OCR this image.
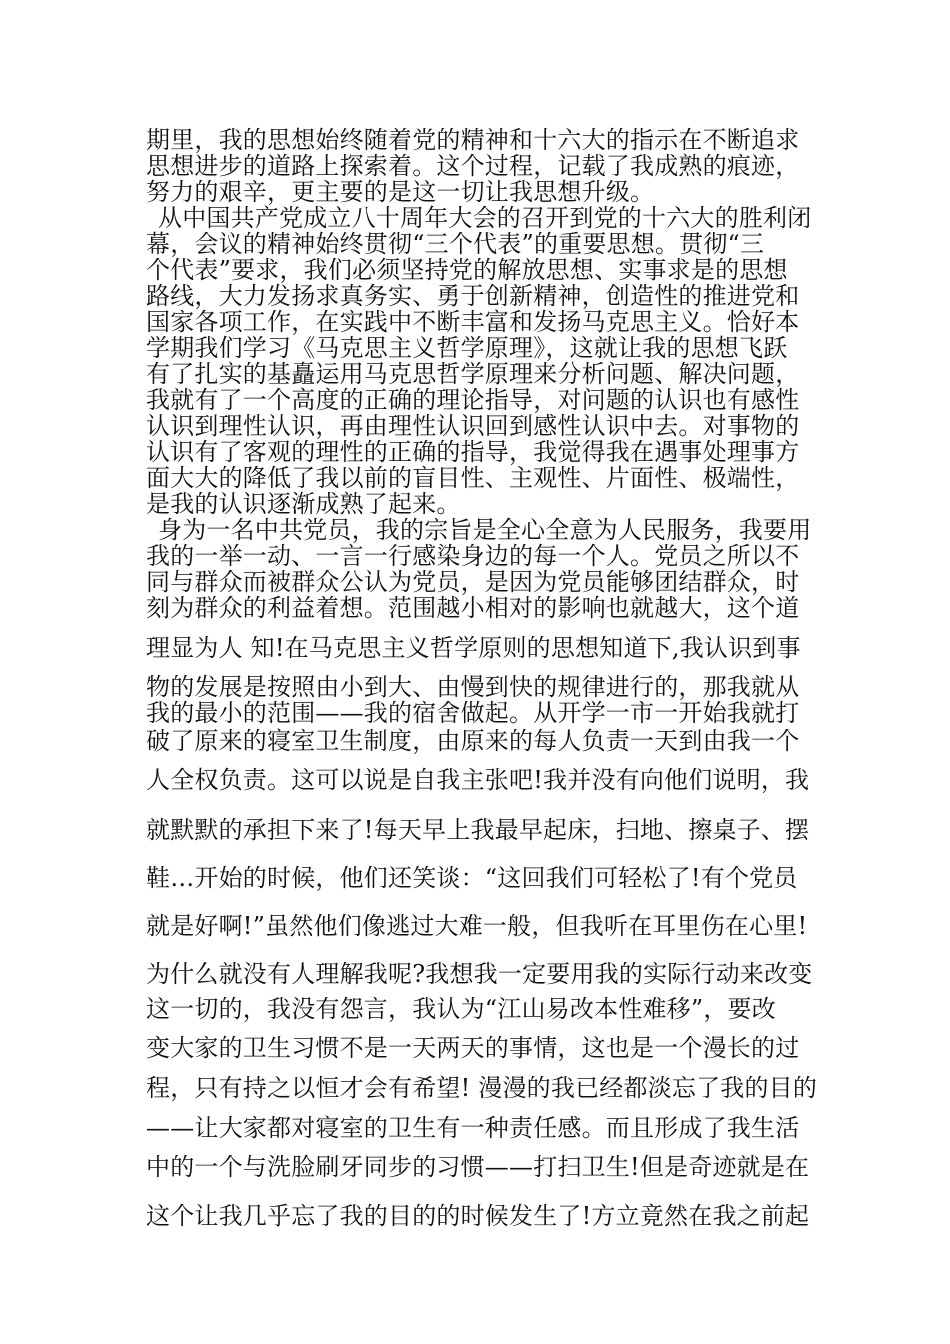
期里，我的思想始终随着党的精神和十六大的指示在不断追求
思想进步的道路上探索着。这个过程，记载了我成熟的痕迹，
努力的艰辛，更主要的是这一切让我思想升级。
从中国共产党成立八十周年大会的召开到党的十六大的胜利闭
幕，会议的精神始终贯彻“三个代表”的重要思想。贯彻“三
个代表”要求，我们必须坚持党的解放思想、实事求是的思想
路线，大力发扬求真务实、勇于创新精神，创造性的推进党和
国家各项工作，在实践中不断丰富和发扬马克思主义。恰好本
学期我们学习《马克思主义哲学原理》，这就让我的思想飞跃
有了扎实的基矗运用马克思哲学原理来分析问题、解决问题，
我就有了一个高度的正确的理论指导，对问题的认识也有感性
认识到理性认识，再由理性认识回到感性认识中去。对事物的
认识有了客观的理性的正确的指导，我觉得我在遇事处理事方
面大大的降低了我以前的盲目性、主观性、片面性、极端性，
是我的认识逐渐成熟了起来。
身为一名中共党员，我的宗旨是全心全意为人民服务，我要用
我的一举一动、一言一行感染身边的每一个人。党员之所以不
同与群众而被群众公认为党员，是因为党员能够团结群众，时
刻为群众的利益着想。范围越小相对的影响也就越大，这个道
理显为人 知!在马克思主义哲学原则的思想知道下,我认识到事
物的发展是按照由小到大、由慢到快的规律进行的，那我就从
我的最小的范围——我的宿舍做起。从开学一市一开始我就打
破了原来的寝室卫生制度，由原来的每人负责一天到由我一个
人全权负责。这可以说是自我主张吧!我并没有向他们说明，我
就默默的承担下来了!每天早上我最早起床，扫地、擦桌子、摆
鞋…开始的时候，他们还笑谈：“这回我们可轻松了!有个党员
就是好啊!”虽然他们像逃过大难一般，但我听在耳里伤在心里!
为什么就没有人理解我呢?我想我一定要用我的实际行动来改变
这一切的，我没有怨言，我认为“江山易改本性难移”，要改
变大家的卫生习惯不是一天两天的事情，这也是一个漫长的过
程，只有持之以恒才会有希望! 漫漫的我已经都淡忘了我的目的
——让大家都对寝室的卫生有一种责任感。而且形成了我生活
中的一个与洗脸刷牙同步的习惯——打扫卫生!但是奇迹就是在
这个让我几乎忘了我的目的的时候发生了!方立竟然在我之前起
